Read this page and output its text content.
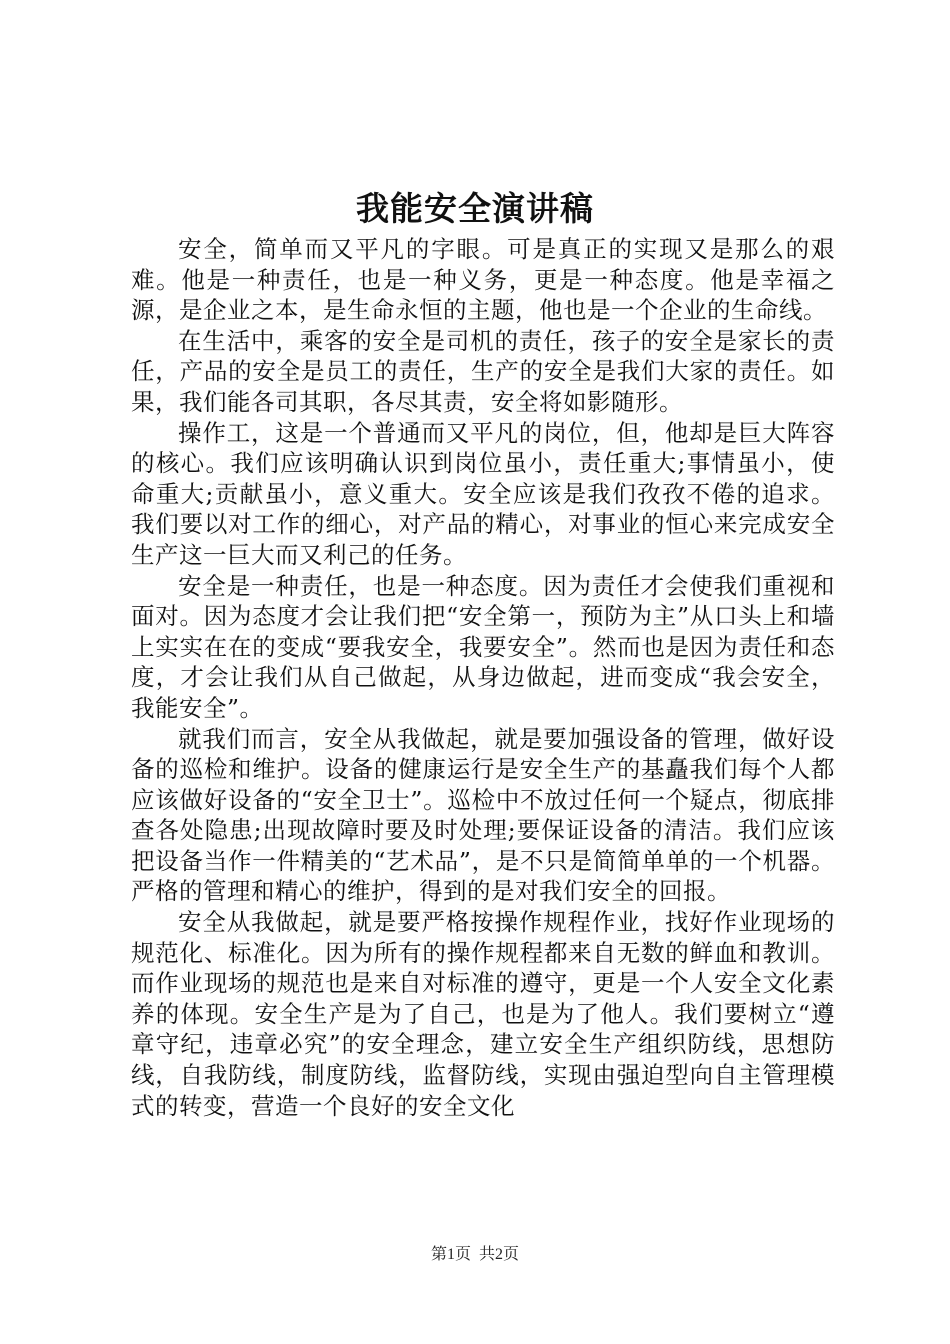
我能安全演讲稿

安全，简单而又平凡的字眼。可是真正的实现又是那么的艰难。他是一种责任，也是一种义务，更是一种态度。他是幸福之源，是企业之本，是生命永恒的主题，他也是一个企业的生命线。

在生活中，乘客的安全是司机的责任，孩子的安全是家长的责任，产品的安全是员工的责任，生产的安全是我们大家的责任。如果，我们能各司其职，各尽其责，安全将如影随形。

操作工，这是一个普通而又平凡的岗位，但，他却是巨大阵容的核心。我们应该明确认识到岗位虽小，责任重大;事情虽小，使命重大;贡献虽小，意义重大。安全应该是我们孜孜不倦的追求。我们要以对工作的细心，对产品的精心，对事业的恒心来完成安全生产这一巨大而又利己的任务。

安全是一种责任，也是一种态度。因为责任才会使我们重视和面对。因为态度才会让我们把“安全第一，预防为主”从口头上和墙上实实在在的变成“要我安全，我要安全”。然而也是因为责任和态度，才会让我们从自己做起，从身边做起，进而变成“我会安全，我能安全”。

就我们而言，安全从我做起，就是要加强设备的管理，做好设备的巡检和维护。设备的健康运行是安全生产的基矗我们每个人都应该做好设备的“安全卫士”。巡检中不放过任何一个疑点，彻底排查各处隐患;出现故障时要及时处理;要保证设备的清洁。我们应该把设备当作一件精美的“艺术品”，是不只是简简单单的一个机器。严格的管理和精心的维护，得到的是对我们安全的回报。

安全从我做起，就是要严格按操作规程作业，找好作业现场的规范化、标准化。因为所有的操作规程都来自无数的鲜血和教训。而作业现场的规范也是来自对标准的遵守，更是一个人安全文化素养的体现。安全生产是为了自己，也是为了他人。我们要树立“遵章守纪，违章必究”的安全理念，建立安全生产组织防线，思想防线，自我防线，制度防线，监督防线，实现由强迫型向自主管理模式的转变，营造一个良好的安全文化

第1页  共2页
